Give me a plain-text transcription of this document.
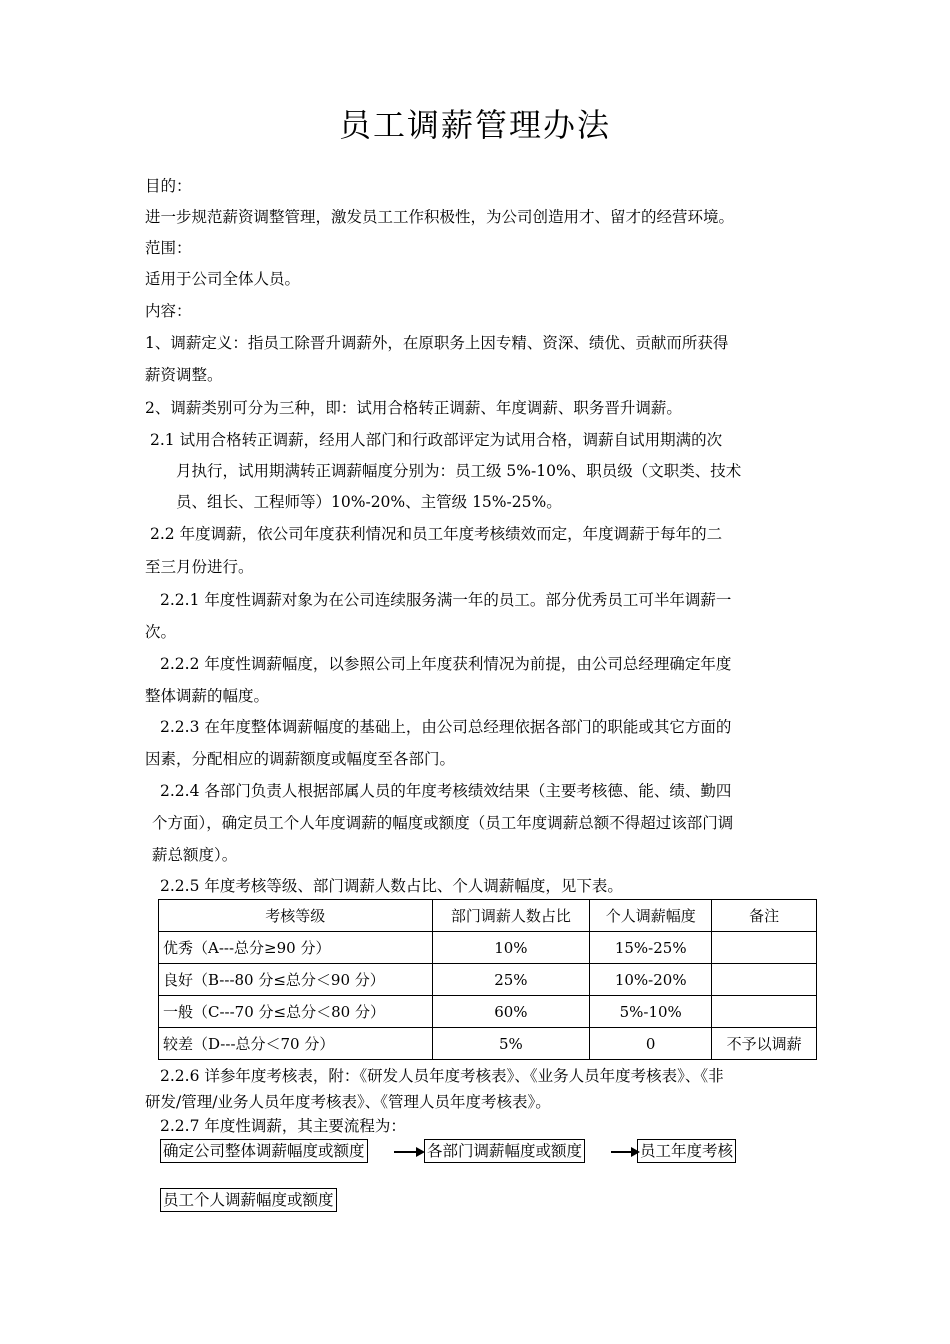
员工调薪管理办法
目的：
进一步规范薪资调整管理，激发员工工作积极性，为公司创造用才、留才的经营环境。
范围：
适用于公司全体人员。
内容：
1、调薪定义：指员工除晋升调薪外，在原职务上因专精、资深、绩优、贡献而所获得
薪资调整。
2、调薪类别可分为三种，即：试用合格转正调薪、年度调薪、职务晋升调薪。
2.1 试用合格转正调薪，经用人部门和行政部评定为试用合格，调薪自试用期满的次
月执行，试用期满转正调薪幅度分别为：员工级 5%-10%、职员级（文职类、技术
员、组长、工程师等）10%-20%、主管级 15%-25%。
2.2 年度调薪，依公司年度获利情况和员工年度考核绩效而定，年度调薪于每年的二
至三月份进行。
2.2.1 年度性调薪对象为在公司连续服务满一年的员工。部分优秀员工可半年调薪一
次。
2.2.2 年度性调薪幅度，以参照公司上年度获利情况为前提，由公司总经理确定年度
整体调薪的幅度。
2.2.3 在年度整体调薪幅度的基础上，由公司总经理依据各部门的职能或其它方面的
因素，分配相应的调薪额度或幅度至各部门。
2.2.4 各部门负责人根据部属人员的年度考核绩效结果（主要考核德、能、绩、勤四
个方面），确定员工个人年度调薪的幅度或额度（员工年度调薪总额不得超过该部门调
薪总额度）。
2.2.5 年度考核等级、部门调薪人数占比、个人调薪幅度，见下表。
考核等级	部门调薪人数占比	个人调薪幅度	备注
优秀（A---总分≥90 分）	10%	15%-25%	
良好（B---80 分≤总分＜90 分）	25%	10%-20%	
一般（C---70 分≤总分＜80 分）	60%	5%-10%	
较差（D---总分＜70 分）	5%	0	不予以调薪
2.2.6 详参年度考核表，附：《研发人员年度考核表》、《业务人员年度考核表》、《非
研发/管理/业务人员年度考核表》、《管理人员年度考核表》。
2.2.7 年度性调薪，其主要流程为：
确定公司整体调薪幅度或额度	各部门调薪幅度或额度	员工年度考核
员工个人调薪幅度或额度
